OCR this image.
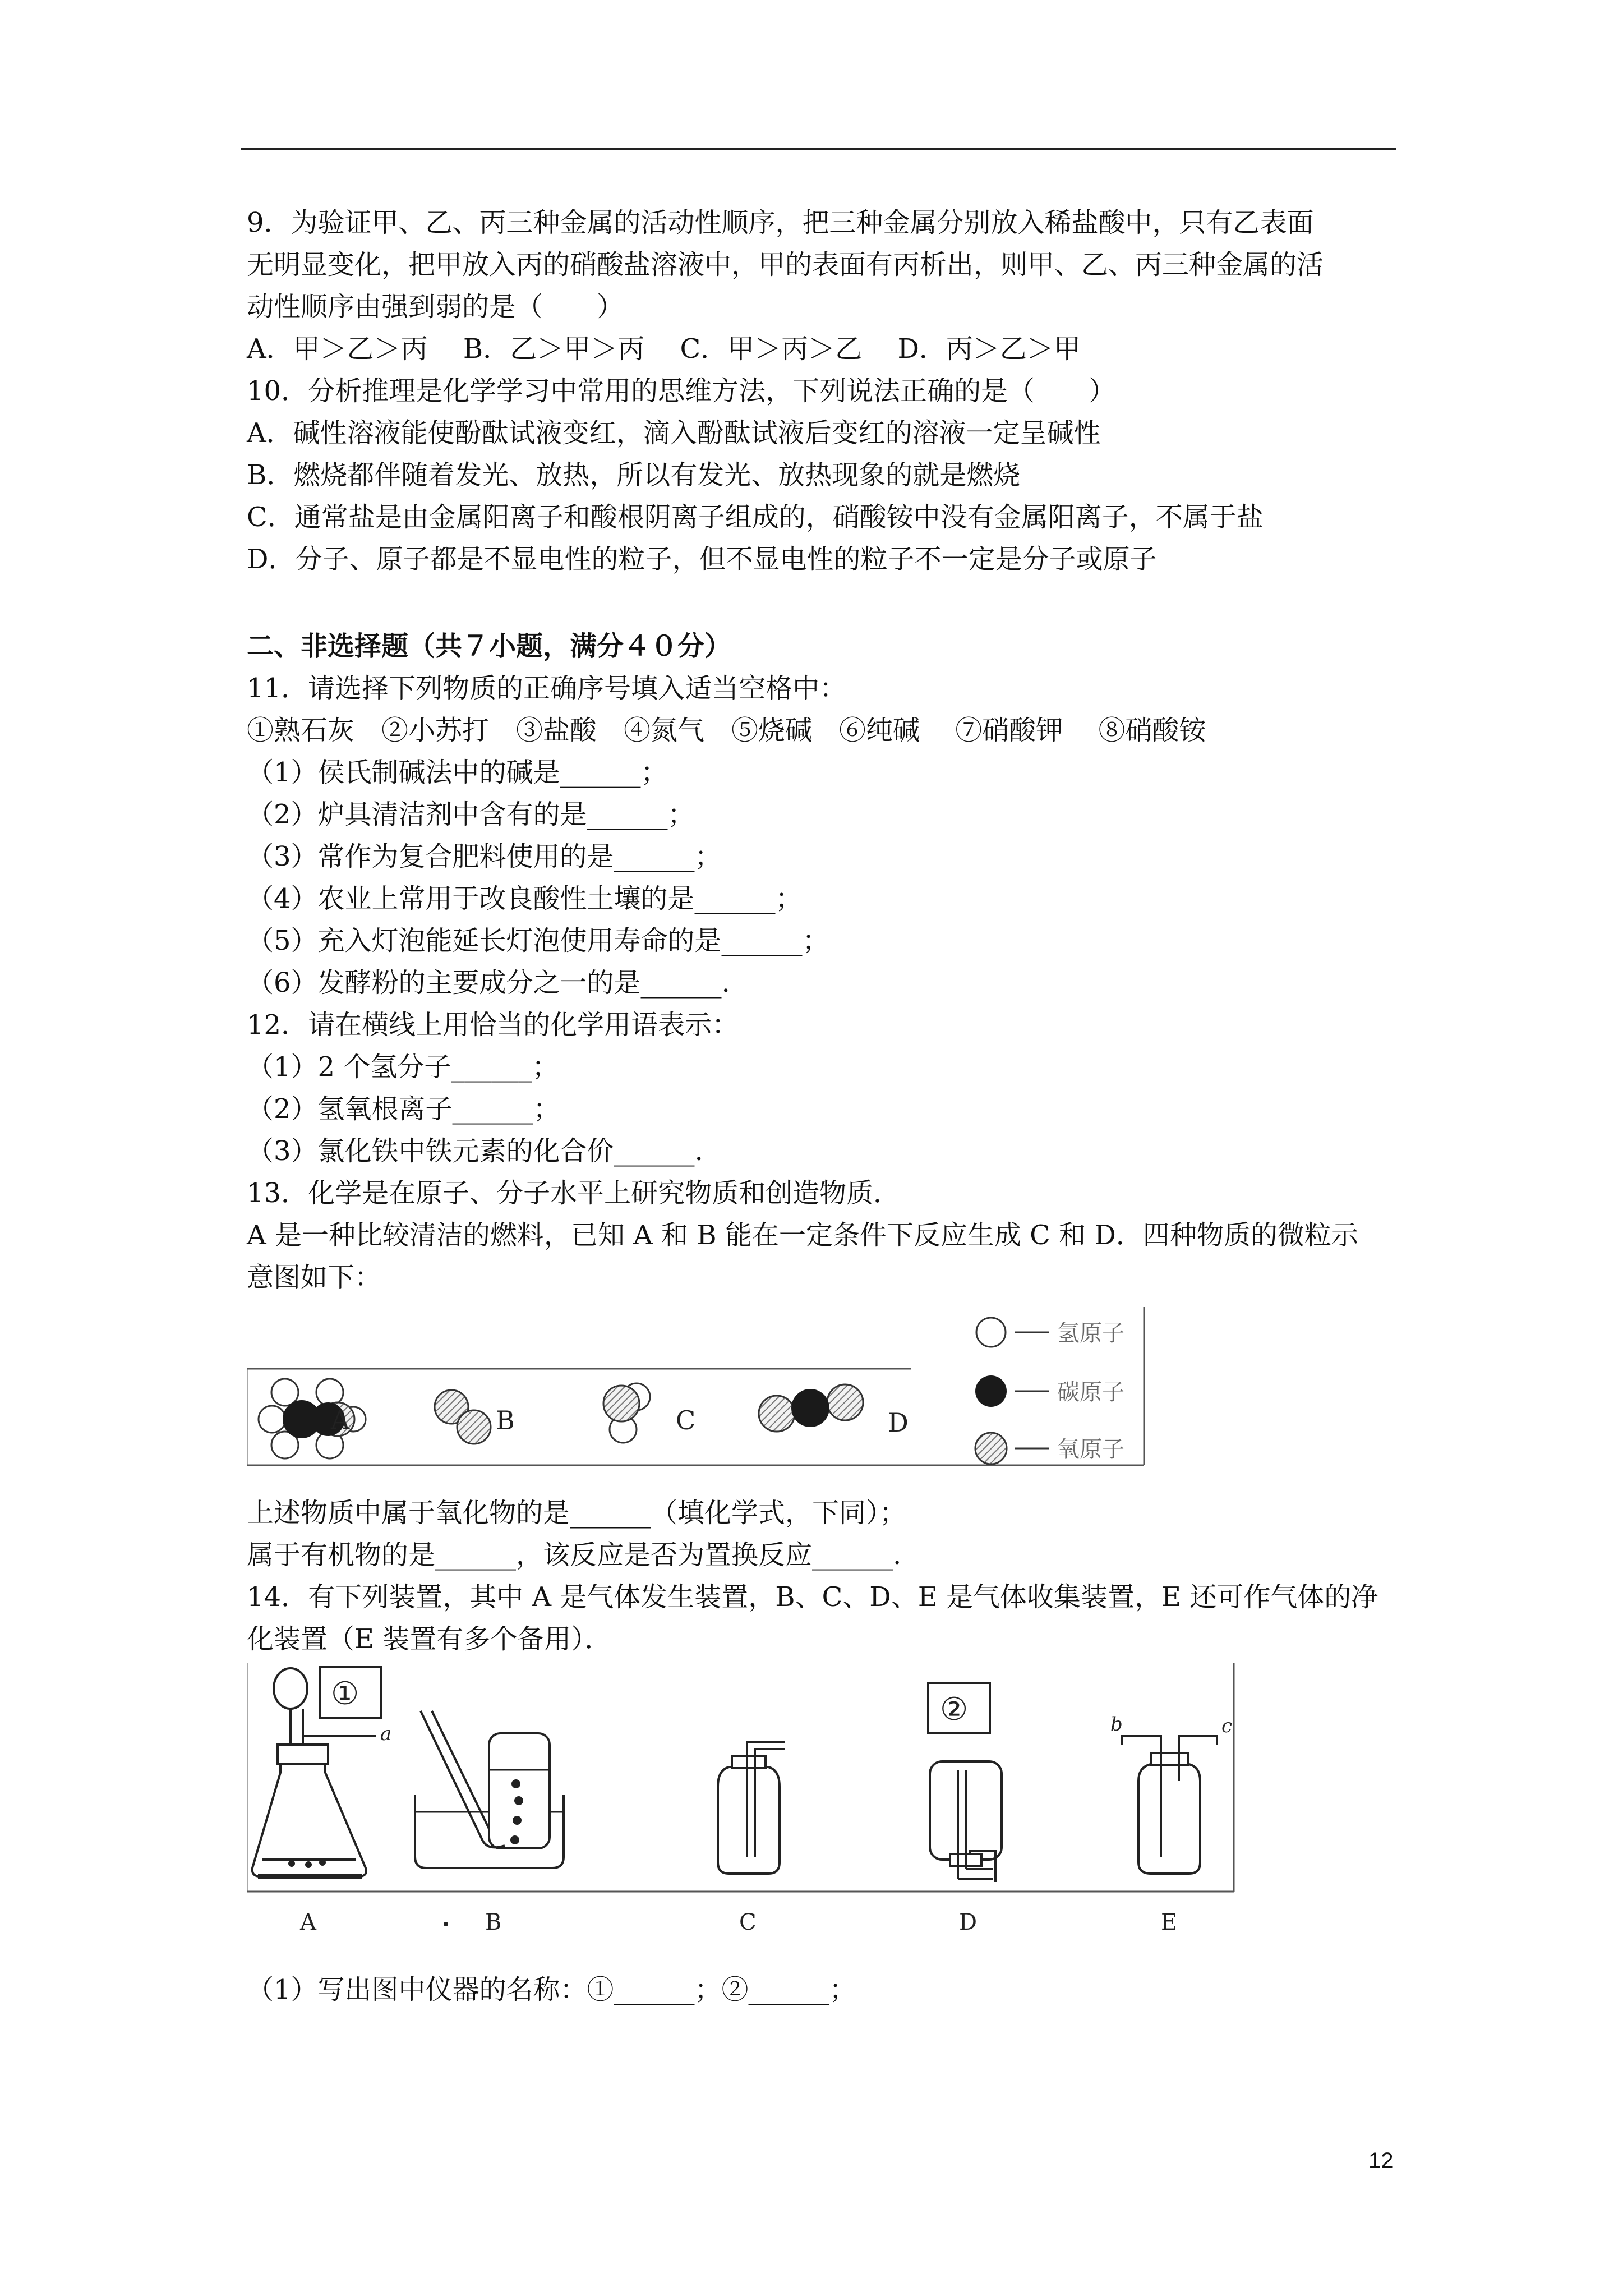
9．为验证甲、乙、丙三种金属的活动性顺序，把三种金属分别放入稀盐酸中，只有乙表面
无明显变化，把甲放入丙的硝酸盐溶液中，甲的表面有丙析出，则甲、乙、丙三种金属的活
动性顺序由强到弱的是（　　）
A．甲＞乙＞丙　 B．乙＞甲＞丙　 C．甲＞丙＞乙　 D．丙＞乙＞甲
10．分析推理是化学学习中常用的思维方法，下列说法正确的是（　　）
A．碱性溶液能使酚酞试液变红，滴入酚酞试液后变红的溶液一定呈碱性
B．燃烧都伴随着发光、放热，所以有发光、放热现象的就是燃烧
C．通常盐是由金属阳离子和酸根阴离子组成的，硝酸铵中没有金属阳离子，不属于盐
D．分子、原子都是不显电性的粒子，但不显电性的粒子不一定是分子或原子
二、非选择题（共７小题，满分４０分）
11．请选择下列物质的正确序号填入适当空格中：
①熟石灰　②小苏打　③盐酸　④氮气　⑤烧碱　⑥纯碱　 ⑦硝酸钾　 ⑧硝酸铵
（1）侯氏制碱法中的碱是______；
（2）炉具清洁剂中含有的是______；
（3）常作为复合肥料使用的是______；
（4）农业上常用于改良酸性土壤的是______；
（5）充入灯泡能延长灯泡使用寿命的是______；
（6）发酵粉的主要成分之一的是______.
12．请在横线上用恰当的化学用语表示：
（1）2 个氢分子______；
（2）氢氧根离子______；
（3）氯化铁中铁元素的化合价______.
13．化学是在原子、分子水平上研究物质和创造物质．
A 是一种比较清洁的燃料，已知 A 和 B 能在一定条件下反应生成 C 和 D．四种物质的微粒示
意图如下：
A	B	C	D
氢原子
碳原子
氧原子
上述物质中属于氧化物的是______（填化学式，下同）；
属于有机物的是______，该反应是否为置换反应______.
14．有下列装置，其中 A 是气体发生装置，B、C、D、E 是气体收集装置，E 还可作气体的净
化装置（E 装置有多个备用）．
a
①
A	B	C
②
D
b	c
E
（1）写出图中仪器的名称：①______；②______；
12
